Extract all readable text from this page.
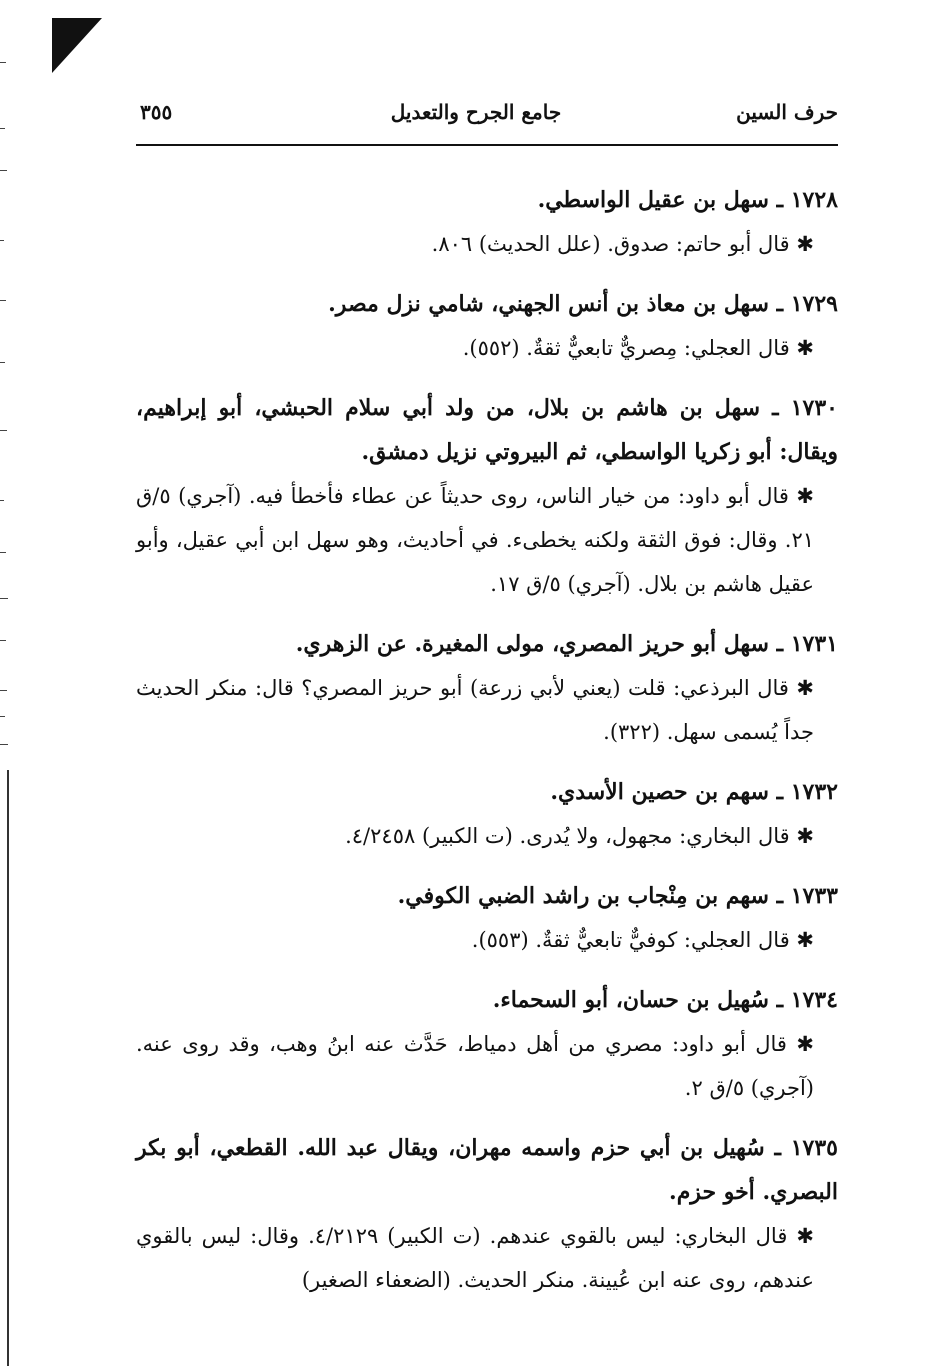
حرف السين
جامع الجرح والتعديل
٣٥٥

١٧٢٨ ـ سهل بن عقيل الواسطي.

✱ قال أبو حاتم: صدوق. (علل الحديث) ٨٠٦.

١٧٢٩ ـ سهل بن معاذ بن أنس الجهني، شامي نزل مصر.

✱ قال العجلي: مِصريٌّ تابعيٌّ ثقةٌ. (٥٥٢).

١٧٣٠ ـ سهل بن هاشم بن بلال، من ولد أبي سلام الحبشي، أبو إبراهيم، ويقال: أبو زكريا الواسطي، ثم البيروتي نزيل دمشق.

✱ قال أبو داود: من خيار الناس، روى حديثاً عن عطاء فأخطأ فيه. (آجري) ٥/ق ٢١. وقال: فوق الثقة ولكنه يخطىء. في أحاديث، وهو سهل ابن أبي عقيل، وأبو عقيل هاشم بن بلال. (آجري) ٥/ق ١٧.

١٧٣١ ـ سهل أبو حريز المصري، مولى المغيرة. عن الزهري.

✱ قال البرذعي: قلت (يعني لأبي زرعة) أبو حريز المصري؟ قال: منكر الحديث جداً يُسمى سهل. (٣٢٢).

١٧٣٢ ـ سهم بن حصين الأسدي.

✱ قال البخاري: مجهول، ولا يُدرى. (ت الكبير) ٤/٢٤٥٨.

١٧٣٣ ـ سهم بن مِنْجاب بن راشد الضبي الكوفي.

✱ قال العجلي: كوفيٌّ تابعيٌّ ثقةٌ. (٥٥٣).

١٧٣٤ ـ سُهيل بن حسان، أبو السحماء.

✱ قال أبو داود: مصري من أهل دمياط، حَدَّث عنه ابنُ وهب، وقد روى عنه. (آجري) ٥/ق ٢.

١٧٣٥ ـ سُهيل بن أبي حزم واسمه مهران، ويقال عبد الله. القطعي، أبو بكر البصري. أخو حزم.

✱ قال البخاري: ليس بالقوي عندهم. (ت الكبير) ٤/٢١٢٩. وقال: ليس بالقوي عندهم، روى عنه ابن عُيينة. منكر الحديث. (الضعفاء الصغير)
